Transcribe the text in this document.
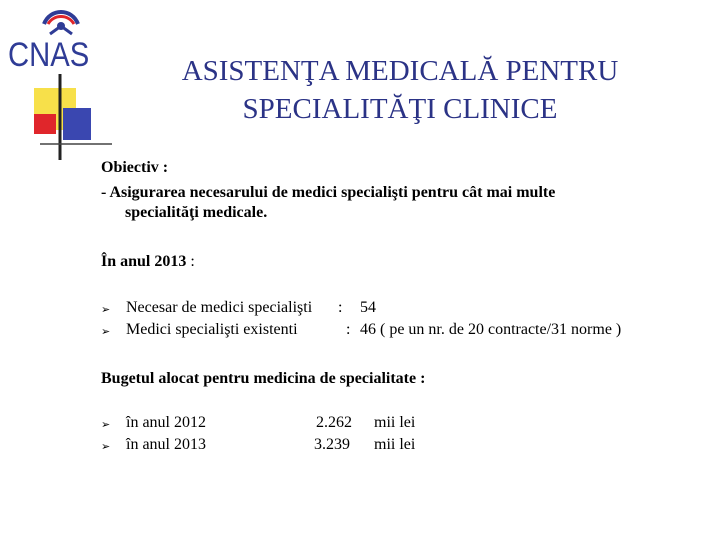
CNAS	ASISTENŢA MEDICALĂ PENTRU
SPECIALITĂŢI CLINICE
Obiectiv :
- Asigurarea necesarului de medici specialişti pentru cât mai multe
specialităţi medicale.
În anul 2013 :
➢ Necesar de medici specialişti : 54
➢ Medici specialişti existenti	: 46 ( pe un nr. de 20 contracte/31 norme )
Bugetul alocat pentru medicina de specialitate :
➢ în anul 2012	2.262 mii lei
➢ în anul 2013	3.239 mii lei
